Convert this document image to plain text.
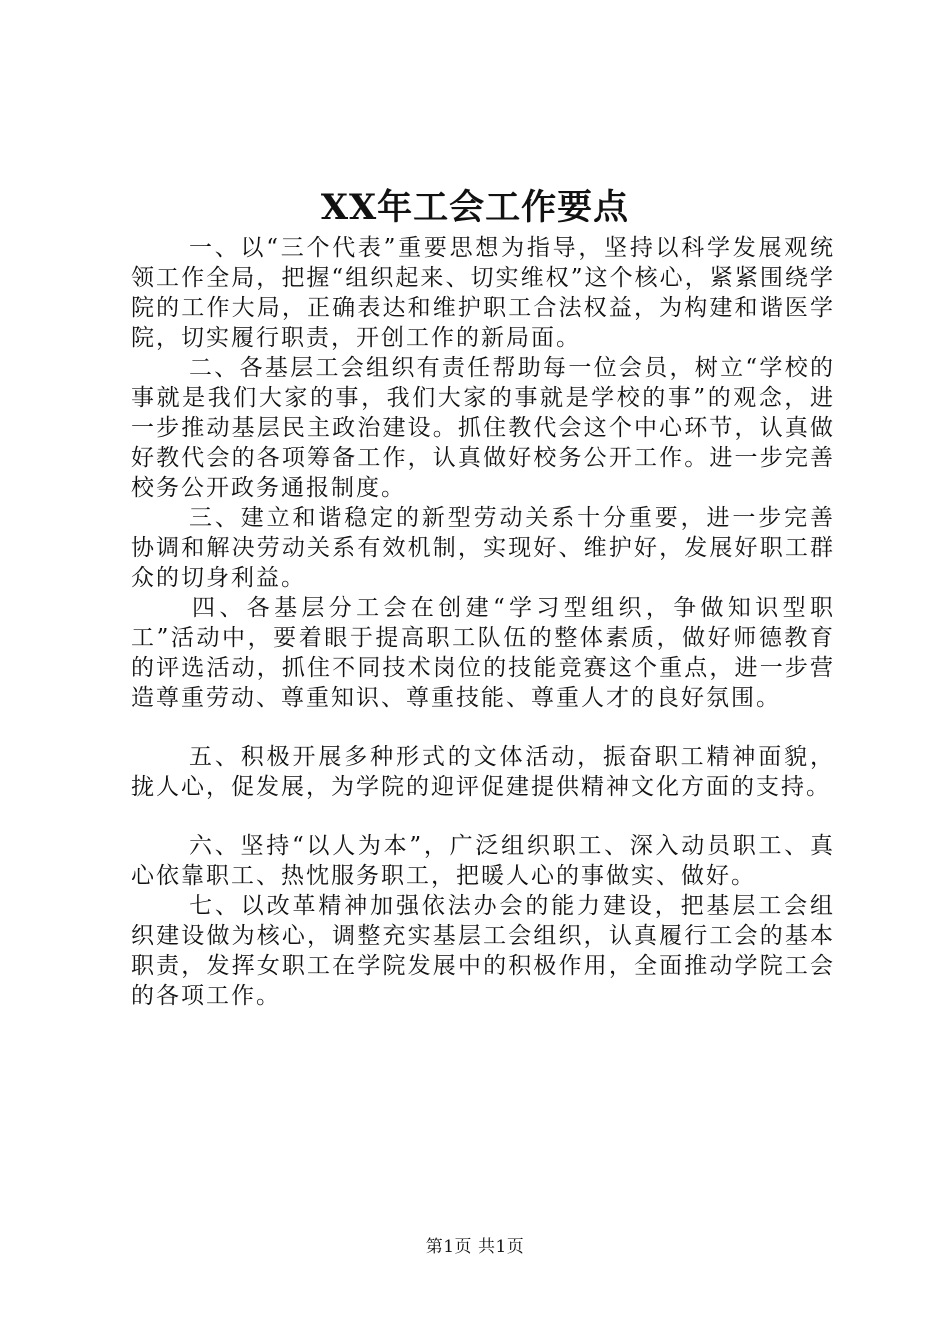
XX年工会工作要点

一、以“三个代表”重要思想为指导，坚持以科学发展观统领工作全局，把握“组织起来、切实维权”这个核心，紧紧围绕学院的工作大局，正确表达和维护职工合法权益，为构建和谐医学院，切实履行职责，开创工作的新局面。

二、各基层工会组织有责任帮助每一位会员，树立“学校的事就是我们大家的事，我们大家的事就是学校的事”的观念，进一步推动基层民主政治建设。抓住教代会这个中心环节，认真做好教代会的各项筹备工作，认真做好校务公开工作。进一步完善校务公开政务通报制度。

三、建立和谐稳定的新型劳动关系十分重要，进一步完善协调和解决劳动关系有效机制，实现好、维护好，发展好职工群众的切身利益。

四、各基层分工会在创建“学习型组织，争做知识型职工”活动中，要着眼于提高职工队伍的整体素质，做好师德教育的评选活动，抓住不同技术岗位的技能竞赛这个重点，进一步营造尊重劳动、尊重知识、尊重技能、尊重人才的良好氛围。

五、积极开展多种形式的文体活动，振奋职工精神面貌，拢人心，促发展，为学院的迎评促建提供精神文化方面的支持。

六、坚持“以人为本”，广泛组织职工、深入动员职工、真心依靠职工、热忱服务职工，把暖人心的事做实、做好。

七、以改革精神加强依法办会的能力建设，把基层工会组织建设做为核心，调整充实基层工会组织，认真履行工会的基本职责，发挥女职工在学院发展中的积极作用，全面推动学院工会的各项工作。

第1页 共1页
